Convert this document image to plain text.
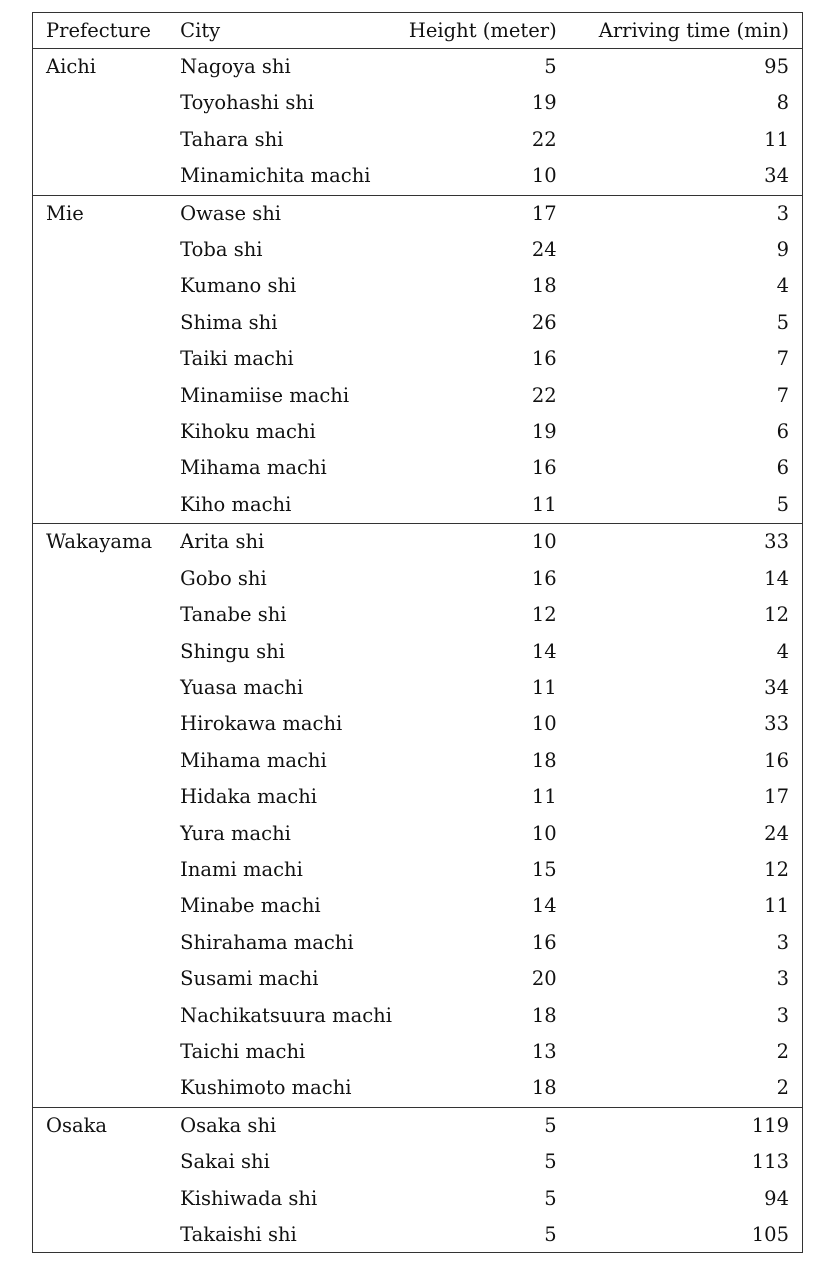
Prefecture	City	Height (meter)	Arriving time (min)
Aichi	Nagoya shi	5	95
	Toyohashi shi	19	8
	Tahara shi	22	11
	Minamichita machi	10	34
Mie	Owase shi	17	3
	Toba shi	24	9
	Kumano shi	18	4
	Shima shi	26	5
	Taiki machi	16	7
	Minamiise machi	22	7
	Kihoku machi	19	6
	Mihama machi	16	6
	Kiho machi	11	5
Wakayama	Arita shi	10	33
	Gobo shi	16	14
	Tanabe shi	12	12
	Shingu shi	14	4
	Yuasa machi	11	34
	Hirokawa machi	10	33
	Mihama machi	18	16
	Hidaka machi	11	17
	Yura machi	10	24
	Inami machi	15	12
	Minabe machi	14	11
	Shirahama machi	16	3
	Susami machi	20	3
	Nachikatsuura machi	18	3
	Taichi machi	13	2
	Kushimoto machi	18	2
Osaka	Osaka shi	5	119
	Sakai shi	5	113
	Kishiwada shi	5	94
	Takaishi shi	5	105
